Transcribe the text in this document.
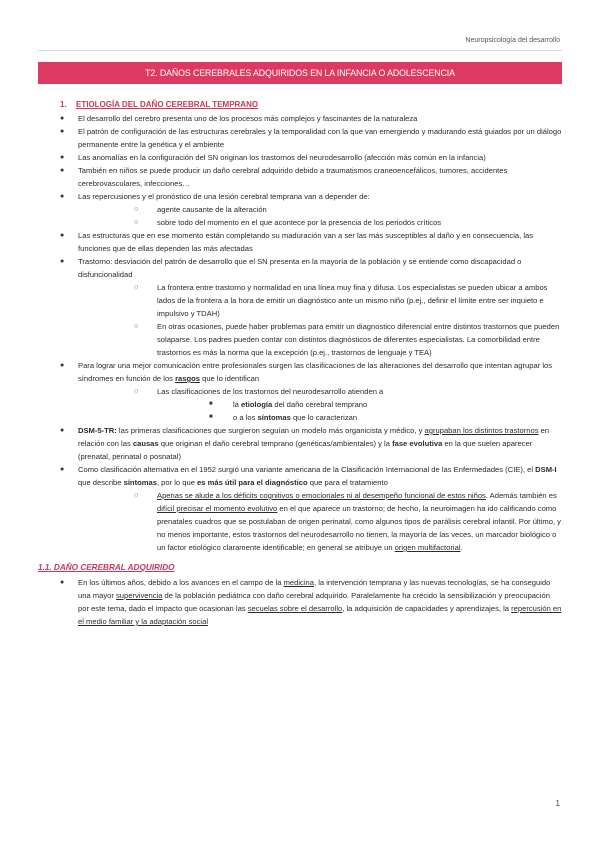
Neuropsicología del desarrollo
T2. DAÑOS CEREBRALES ADQUIRIDOS EN LA INFANCIA O ADOLESCENCIA
1. ETIOLOGÍA DEL DAÑO CEREBRAL TEMPRANO
● El desarrollo del cerebro presenta uno de los procesos más complejos y fascinantes de la naturaleza
● El patrón de configuración de las estructuras cerebrales y la temporalidad con la que van emergiendo y madurando está guiados por un diálogo permanente entre la genética y el ambiente
● Las anomalías en la configuración del SN originan los trastornos del neurodesarrollo (afección más común en la infancia)
● También en niños se puede producir un daño cerebral adquirido debido a traumatismos craneoencefálicos, tumores, accidentes cerebrovasculares, infecciones…
● Las repercusiones y el pronóstico de una lesión cerebral temprana van a depender de:
○ agente causante de la alteración
○ sobre todo del momento en el que acontece por la presencia de los periodos críticos
● Las estructuras que en ese momento están completando su maduración van a ser las más susceptibles al daño y en consecuencia, las funciones que de ellas dependen las más afectadas
● Trastorno: desviación del patrón de desarrollo que el SN presenta en la mayoría de la población y se entiende como discapacidad o disfuncionalidad
○ La frontera entre trastorno y normalidad en una línea muy fina y difusa. Los especialistas se pueden ubicar a ambos lados de la frontera a la hora de emitir un diagnóstico ante un mismo niño (p.ej., definir el límite entre ser inquieto e impulsivo y TDAH)
○ En otras ocasiones, puede haber problemas para emitir un diagnostico diferencial entre distintos trastornos que pueden solaparse. Los padres pueden contar con distintos diagnósticos de diferentes especialistas. La comorbilidad entre trastornos es más la norma que la excepción (p.ej., trastornos de lenguaje y TEA)
● Para lograr una mejor comunicación entre profesionales surgen las clasificaciones de las alteraciones del desarrollo que intentan agrupar los síndromes en función de los rasgos que lo identifican
○ Las clasificaciones de los trastornos del neurodesarrollo atienden a
■ la etiología del daño cerebral temprano
■ o a los síntomas que lo caracterizan
● DSM-5-TR: las primeras clasificaciones que surgieron seguían un modelo más organicista y médico, y agrupaban los distintos trastornos en relación con las causas que originan el daño cerebral temprano (genéticas/ambientales) y la fase evolutiva en la que suelen aparecer (prenatal, perinatal o posnatal)
● Como clasificación alternativa en el 1952 surgió una variante americana de la Clasificación Internacional de las Enfermedades (CIE), el DSM-I que describe síntomas, por lo que es más útil para el diagnóstico que para el tratamiento
○ Apenas se alude a los déficits cognitivos o emocionales ni al desempeño funcional de estos niños. Además también es difícil precisar el momento evolutivo en el que aparece un trastorno; de hecho, la neuroimagen ha ido calificando como prenatales cuadros que se postulaban de origen perinatal, como algunos tipos de parálisis cerebral infantil. Por último, y no menos importante, estos trastornos del neurodesarrollo no tienen, la mayoría de las veces, un marcador biológico o un factor etiológico claramente identificable; en general se atribuye un origen multifactorial.
1.1. DAÑO CEREBRAL ADQUIRIDO
● En los últimos años, debido a los avances en el campo de la medicina, la intervención temprana y las nuevas tecnologías, se ha conseguido una mayor supervivencia de la población pediátrica con daño cerebral adquirido. Paralelamente ha crecido la sensibilización y preocupación por este tema, dado el impacto que ocasionan las secuelas sobre el desarrollo, la adquisición de capacidades y aprendizajes, la repercusión en el medio familiar y la adaptación social
1
